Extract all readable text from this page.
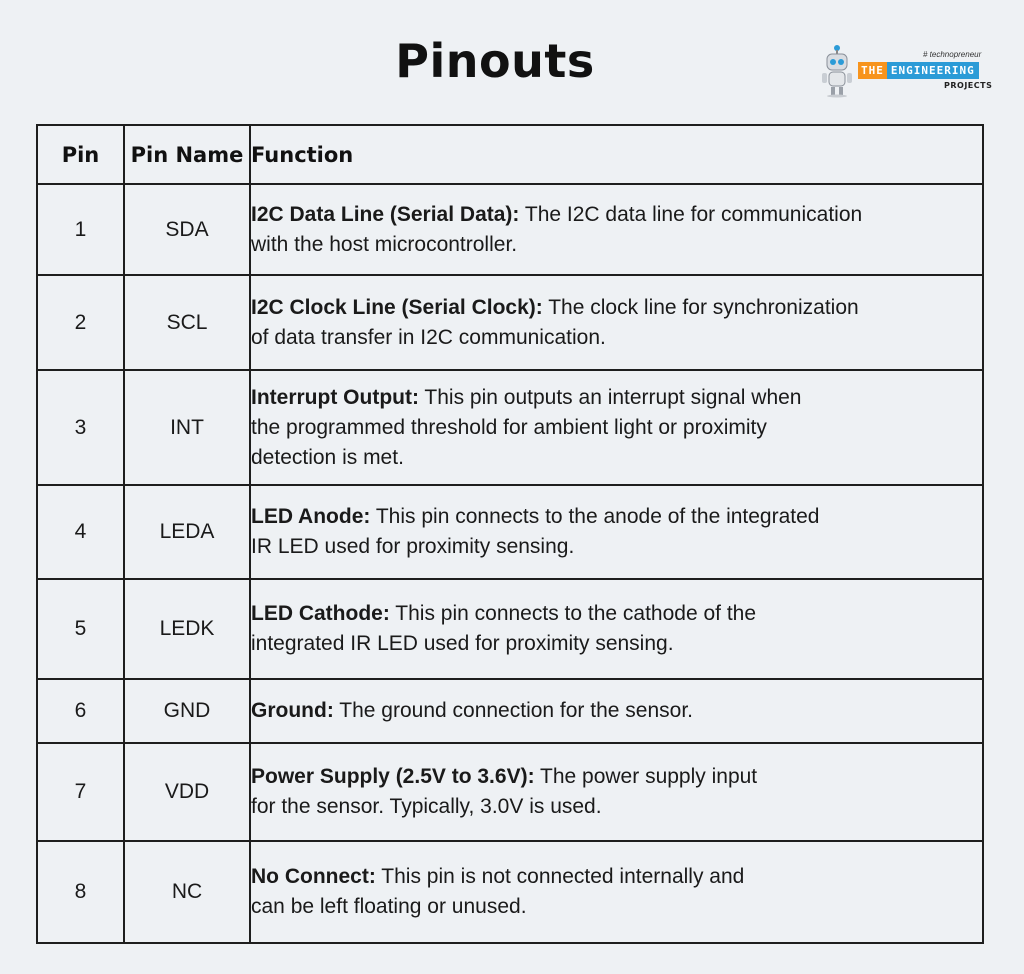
Pinouts	# technopreneur
THE ENGINEERING
PROJECTS
Pin	Pin Name	Function
1	SDA	I2C Data Line (Serial Data): The I2C data line for communication
with the host microcontroller.
2	SCL	I2C Clock Line (Serial Clock): The clock line for synchronization
of data transfer in I2C communication.
3	INT	Interrupt Output: This pin outputs an interrupt signal when
the programmed threshold for ambient light or proximity
detection is met.
4	LEDA	LED Anode: This pin connects to the anode of the integrated
IR LED used for proximity sensing.
5	LEDK	LED Cathode: This pin connects to the cathode of the
integrated IR LED used for proximity sensing.
6	GND	Ground: The ground connection for the sensor.
7	VDD	Power Supply (2.5V to 3.6V): The power supply input
for the sensor. Typically, 3.0V is used.
8	NC	No Connect: This pin is not connected internally and
can be left floating or unused.
